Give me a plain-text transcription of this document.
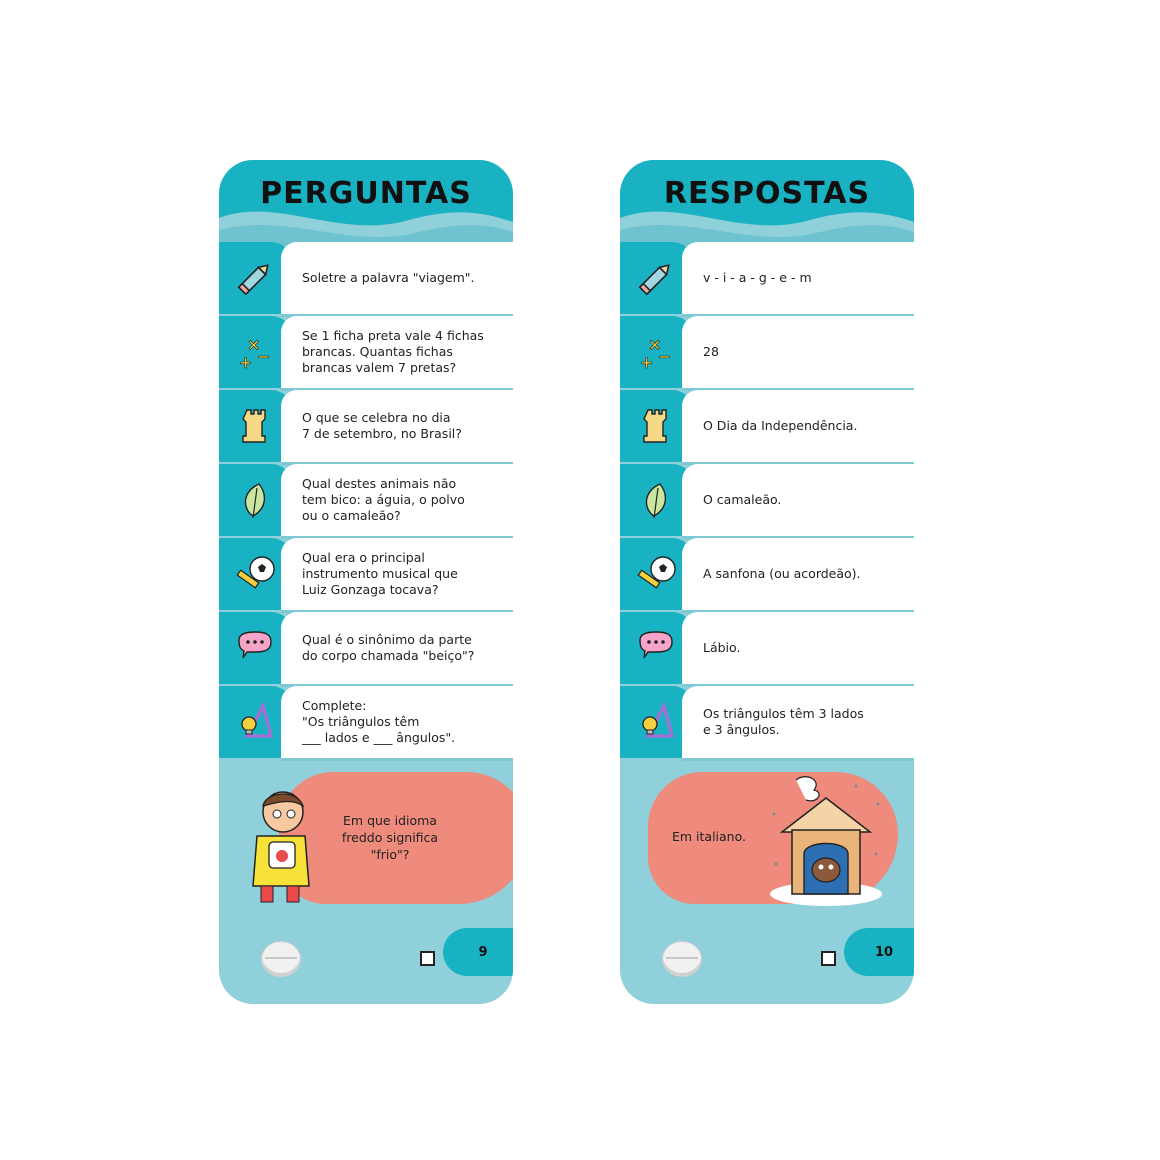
PERGUNTAS
Soletre a palavra "viagem".
×
−
+
Se 1 ficha preta vale 4 fichas
brancas. Quantas fichas
brancas valem 7 pretas?
O que se celebra no dia
7 de setembro, no Brasil?
Qual destes animais não
tem bico: a águia, o polvo
ou o camaleão?
Qual era o principal
instrumento musical que
Luiz Gonzaga tocava?
Qual é o sinônimo da parte
do corpo chamada "beiço"?
Complete:
"Os triângulos têm
___ lados e ___ ângulos".
Em que idioma
freddo significa
"frio"?
9
RESPOSTAS
v - i - a - g - e - m
×
−
+
28
O Dia da Independência.
O camaleão.
A sanfona (ou acordeão).
Lábio.
Os triângulos têm 3 lados
e 3 ângulos.
Em italiano.
10
